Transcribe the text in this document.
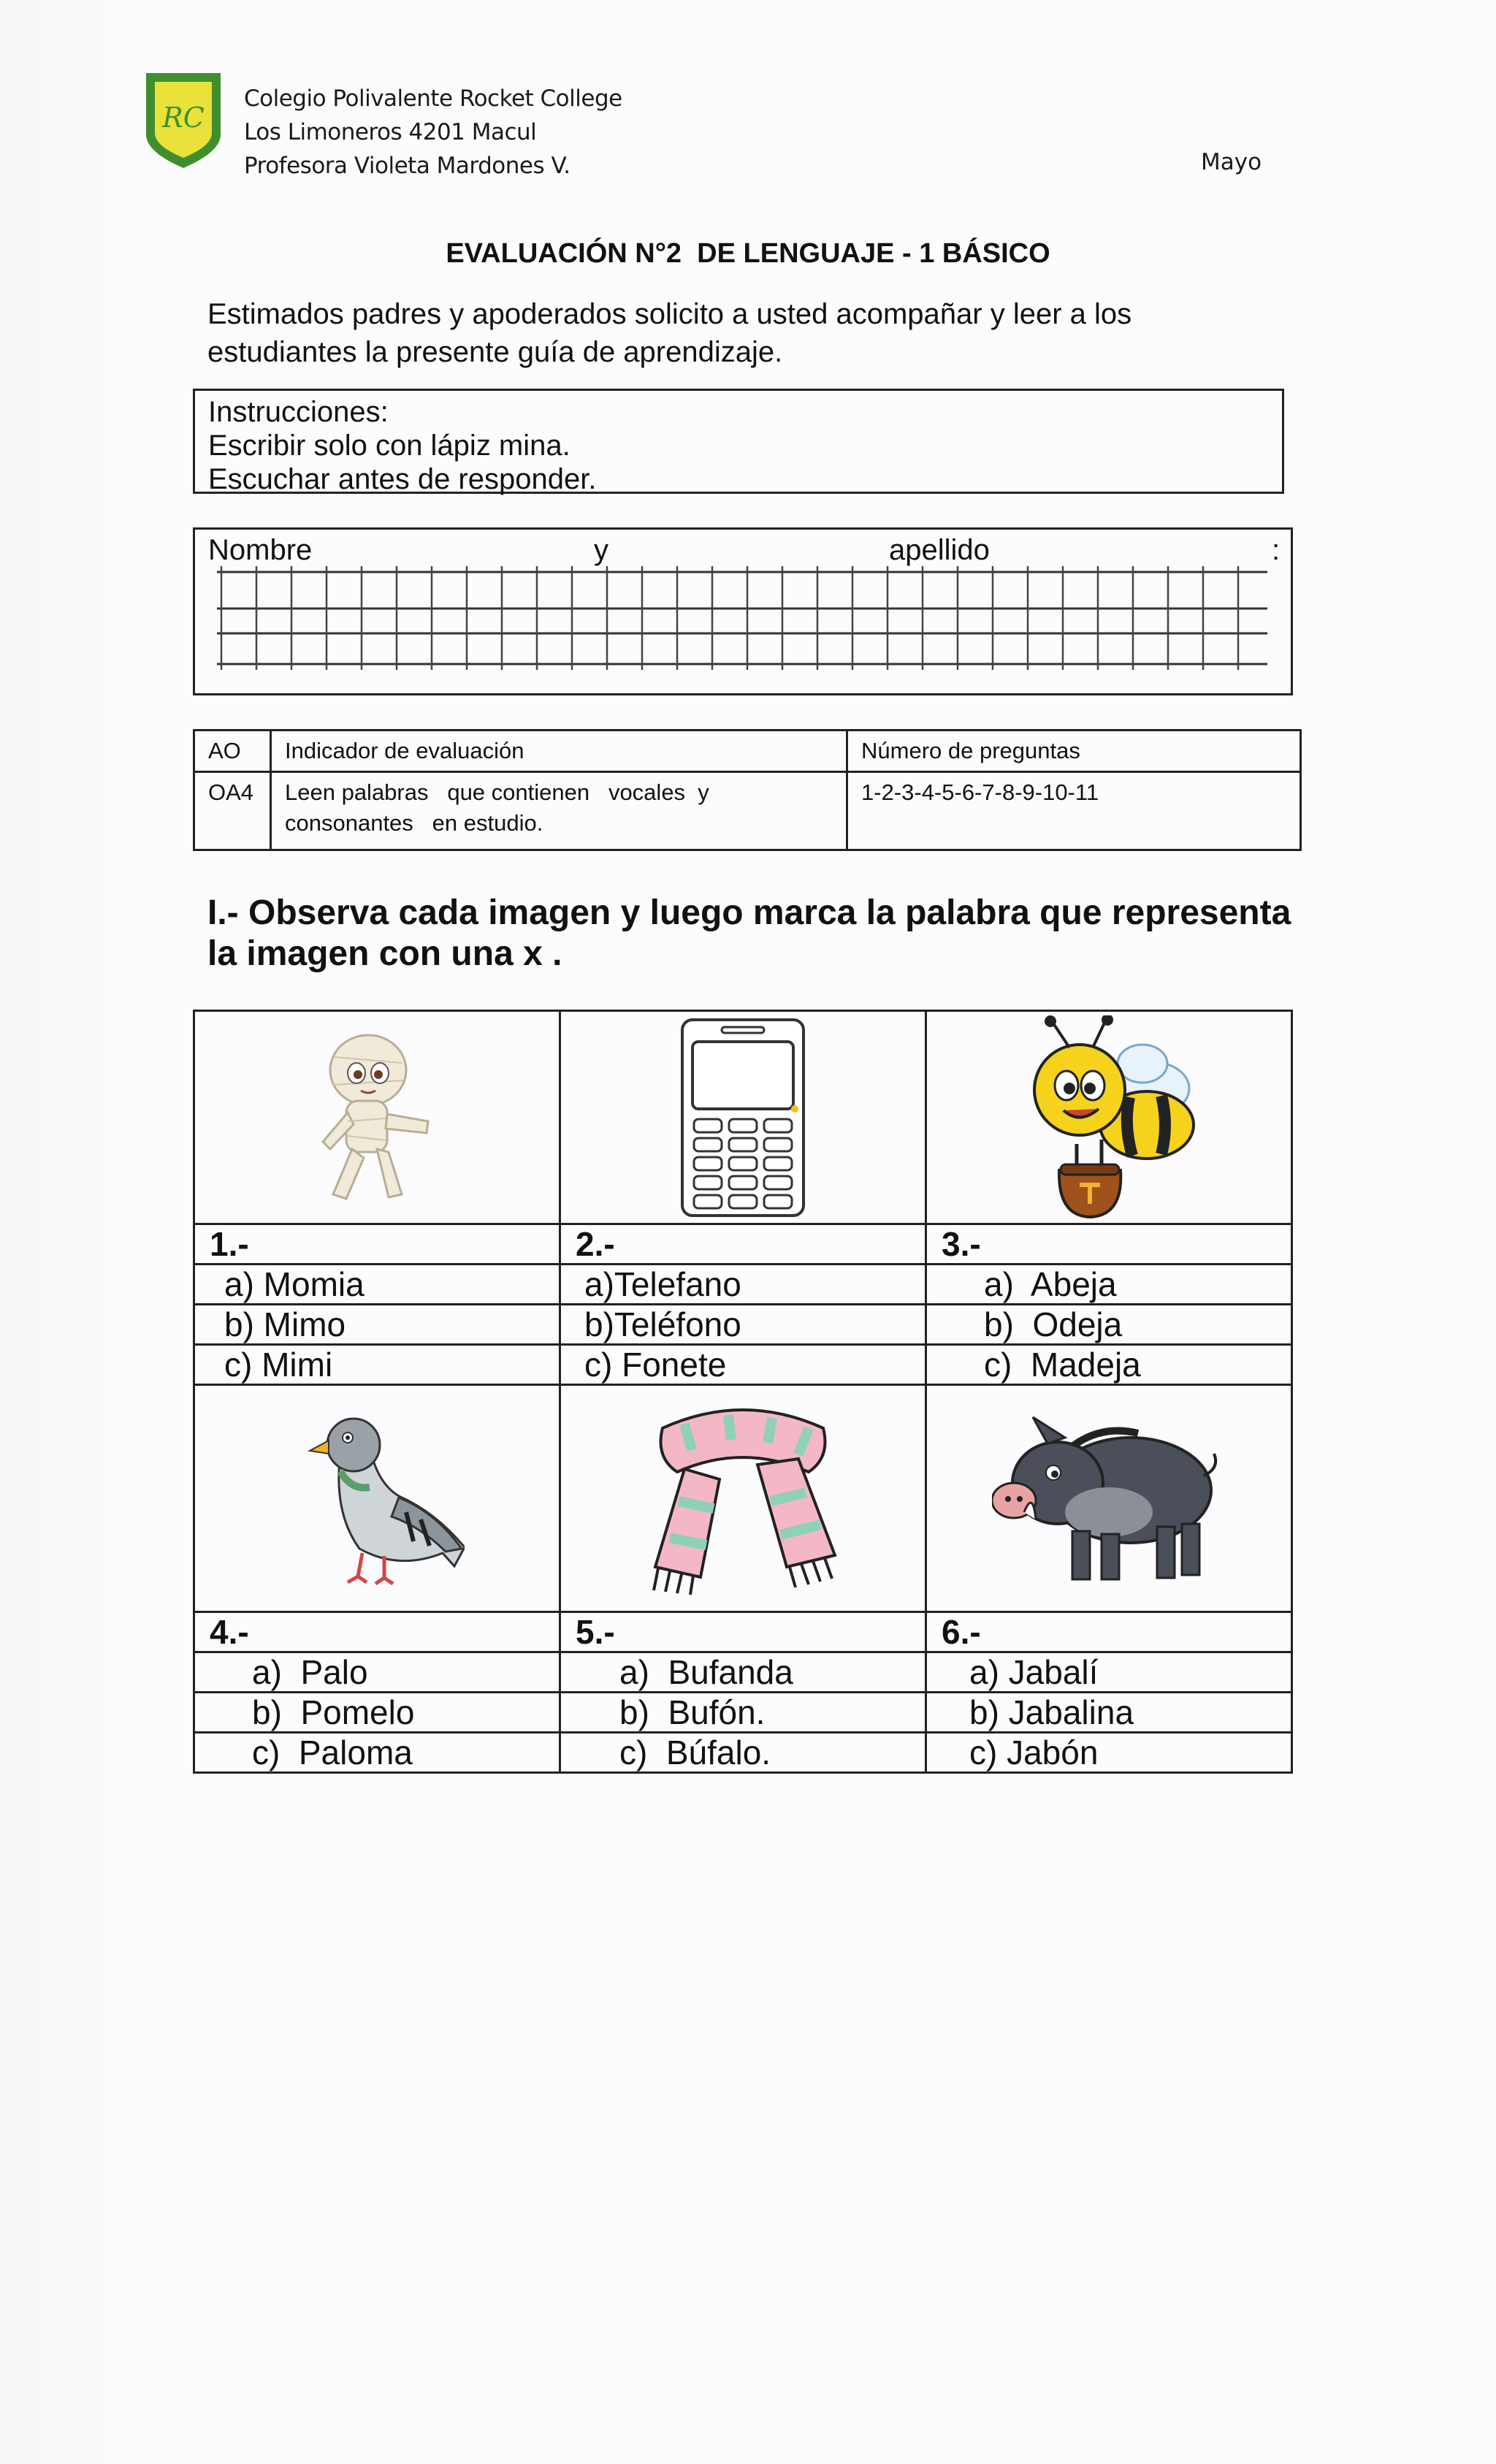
RC
Colegio Polivalente Rocket College
Los Limoneros 4201 Macul
Profesora Violeta Mardones V.	Mayo
EVALUACIÓN N°2  DE LENGUAJE - 1 BÁSICO
Estimados padres y apoderados solicito a usted acompañar y leer a los estudiantes la presente guía de aprendizaje.
Instrucciones:
Escribir solo con lápiz mina.
Escuchar antes de responder.
Nombre	y	apellido	:
AO	Indicador de evaluación	Número de preguntas
OA4	Leen palabras   que contienen   vocales  y consonantes   en estudio.	1-2-3-4-5-6-7-8-9-10-11
I.- Observa cada imagen y luego marca la palabra que representa la imagen con una x .
1.-	2.-	3.-
a) Momia	a)Telefano	a)  Abeja
b) Mimo	b)Teléfono	b)  Odeja
c) Mimi	c) Fonete	c)  Madeja
4.-	5.-	6.-
a)  Palo	a)  Bufanda	a) Jabalí
b)  Pomelo	b)  Bufón.	b) Jabalina
c)  Paloma	c)  Búfalo.	c) Jabón
